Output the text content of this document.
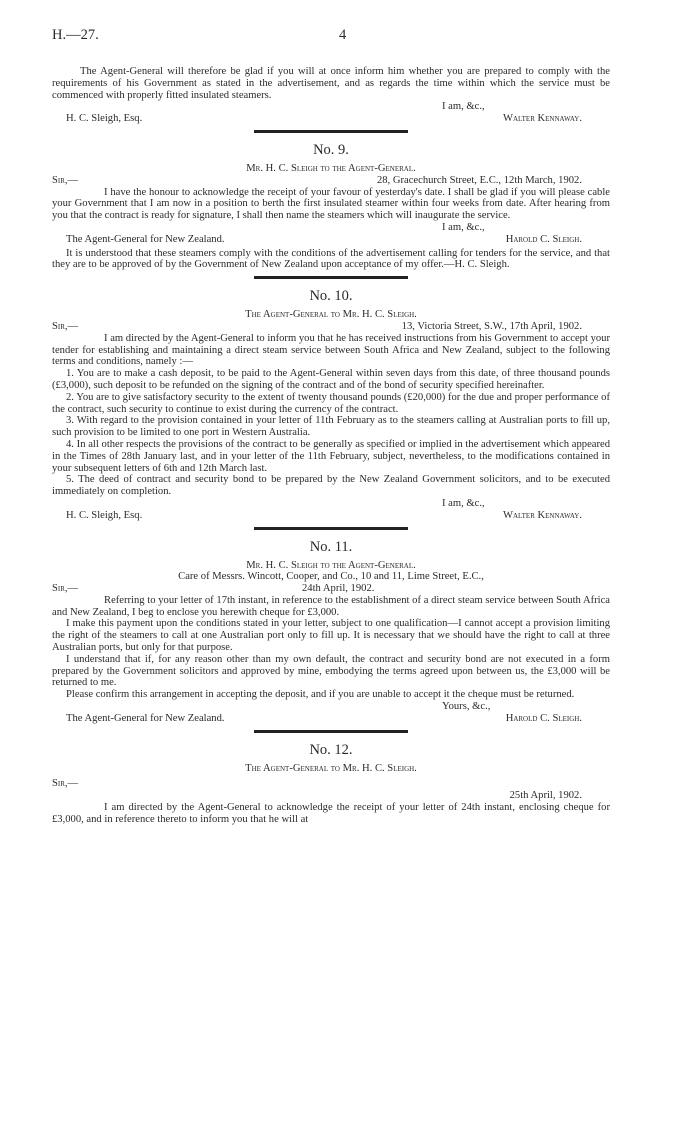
H.—27.	4

The Agent-General will therefore be glad if you will at once inform him whether you are prepared to comply with the requirements of his Government as stated in the advertisement, and as regards the time within which the service must be commenced with properly fitted insulated steamers.

I am, &c.,
H. C. Sleigh, Esq.	Walter Kennaway.
No. 9.
Mr. H. C. Sleigh to the Agent-General.
Sir,—	28, Gracechurch Street, E.C., 12th March, 1902.

I have the honour to acknowledge the receipt of your favour of yesterday's date. I shall be glad if you will please cable your Government that I am now in a position to berth the first insulated steamer within four weeks from date. After hearing from you that the contract is ready for signature, I shall then name the steamers which will inaugurate the service.

I am, &c.,
The Agent-General for New Zealand.	Harold C. Sleigh.

It is understood that these steamers comply with the conditions of the advertisement calling for tenders for the service, and that they are to be approved of by the Government of New Zealand upon acceptance of my offer.—H. C. Sleigh.

No. 10.
The Agent-General to Mr. H. C. Sleigh.
Sir,—	13, Victoria Street, S.W., 17th April, 1902.

I am directed by the Agent-General to inform you that he has received instructions from his Government to accept your tender for establishing and maintaining a direct steam service between South Africa and New Zealand, subject to the following terms and conditions, namely :—

1. You are to make a cash deposit, to be paid to the Agent-General within seven days from this date, of three thousand pounds (£3,000), such deposit to be refunded on the signing of the contract and of the bond of security specified hereinafter.

2. You are to give satisfactory security to the extent of twenty thousand pounds (£20,000) for the due and proper performance of the contract, such security to continue to exist during the currency of the contract.

3. With regard to the provision contained in your letter of 11th February as to the steamers calling at Australian ports to fill up, such provision to be limited to one port in Western Australia.

4. In all other respects the provisions of the contract to be generally as specified or implied in the advertisement which appeared in the Times of 28th January last, and in your letter of the 11th February, subject, nevertheless, to the modifications contained in your subsequent letters of 6th and 12th March last.

5. The deed of contract and security bond to be prepared by the New Zealand Government solicitors, and to be executed immediately on completion.

I am, &c.,
H. C. Sleigh, Esq.	Walter Kennaway.
No. 11.
Mr. H. C. Sleigh to the Agent-General.
Care of Messrs. Wincott, Cooper, and Co., 10 and 11, Lime Street, E.C.,
Sir,—	24th April, 1902.

Referring to your letter of 17th instant, in reference to the establishment of a direct steam service between South Africa and New Zealand, I beg to enclose you herewith cheque for £3,000.

I make this payment upon the conditions stated in your letter, subject to one qualification—I cannot accept a provision limiting the right of the steamers to call at one Australian port only to fill up. It is necessary that we should have the right to call at three Australian ports, but only for that purpose.

I understand that if, for any reason other than my own default, the contract and security bond are not executed in a form prepared by the Government solicitors and approved by mine, embodying the terms agreed upon between us, the £3,000 will be returned to me.

Please confirm this arrangement in accepting the deposit, and if you are unable to accept it the cheque must be returned.

Yours, &c.,
The Agent-General for New Zealand.	Harold C. Sleigh.
No. 12.
The Agent-General to Mr. H. C. Sleigh.
Sir,—
25th April, 1902.

I am directed by the Agent-General to acknowledge the receipt of your letter of 24th instant, enclosing cheque for £3,000, and in reference thereto to inform you that he will at
